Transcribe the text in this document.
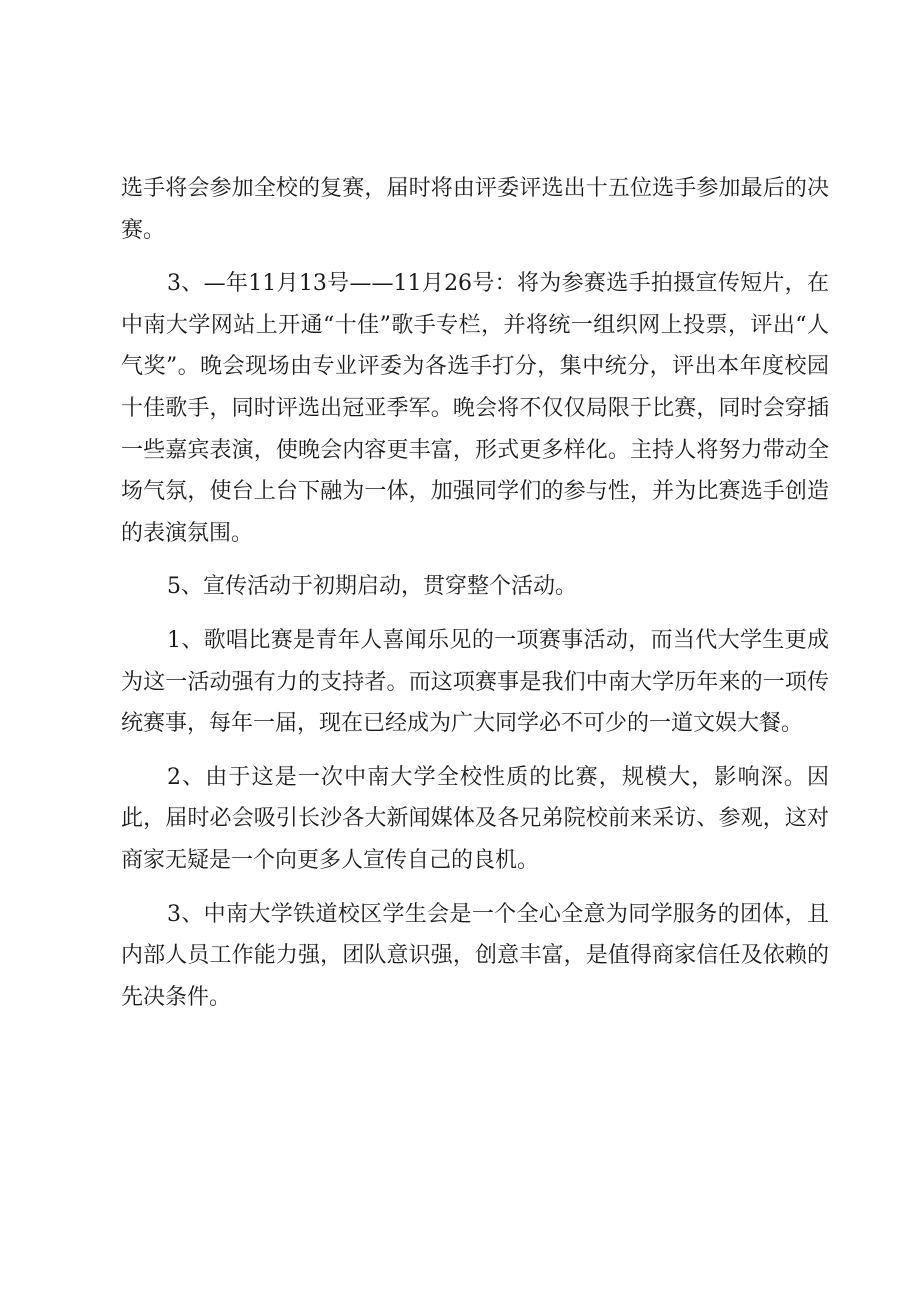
选手将会参加全校的复赛，届时将由评委评选出十五位选手参加最后的决赛。

3、—年11月13号——11月26号：将为参赛选手拍摄宣传短片，在中南大学网站上开通“十佳”歌手专栏，并将统一组织网上投票，评出“人气奖”。晚会现场由专业评委为各选手打分，集中统分，评出本年度校园十佳歌手，同时评选出冠亚季军。晚会将不仅仅局限于比赛，同时会穿插一些嘉宾表演，使晚会内容更丰富，形式更多样化。主持人将努力带动全场气氛，使台上台下融为一体，加强同学们的参与性，并为比赛选手创造的表演氛围。

5、宣传活动于初期启动，贯穿整个活动。

1、歌唱比赛是青年人喜闻乐见的一项赛事活动，而当代大学生更成为这一活动强有力的支持者。而这项赛事是我们中南大学历年来的一项传统赛事，每年一届，现在已经成为广大同学必不可少的一道文娱大餐。

2、由于这是一次中南大学全校性质的比赛，规模大，影响深。因此，届时必会吸引长沙各大新闻媒体及各兄弟院校前来采访、参观，这对商家无疑是一个向更多人宣传自己的良机。

3、中南大学铁道校区学生会是一个全心全意为同学服务的团体，且内部人员工作能力强，团队意识强，创意丰富，是值得商家信任及依赖的先决条件。
